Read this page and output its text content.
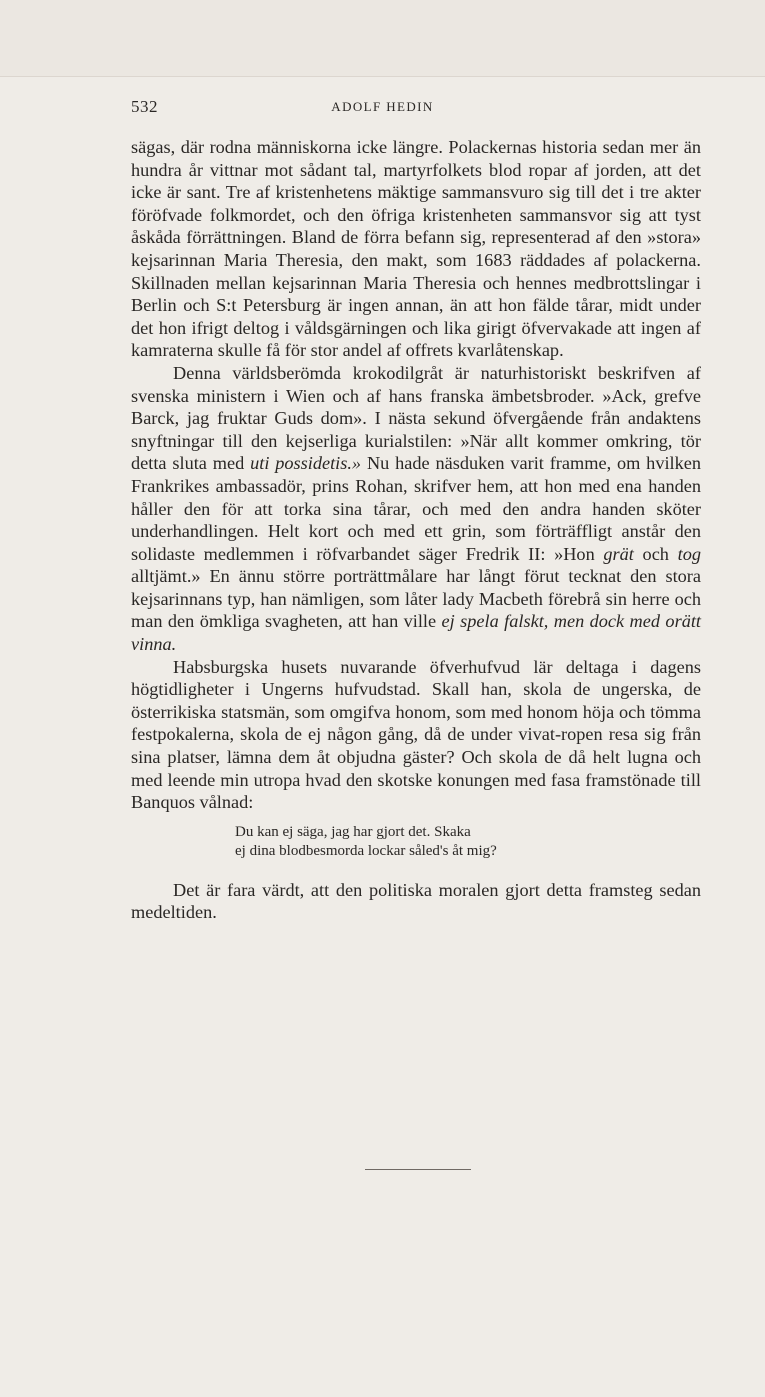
532	ADOLF HEDIN

sägas, där rodna människorna icke längre. Polackernas historia sedan mer än hundra år vittnar mot sådant tal, martyrfolkets blod ropar af jorden, att det icke är sant. Tre af kristenhetens mäktige sammansvuro sig till det i tre akter föröfvade folkmordet, och den öfriga kristenheten sammansvor sig att tyst åskåda förrättningen. Bland de förra befann sig, representerad af den »stora» kejsarinnan Maria Theresia, den makt, som 1683 räddades af polackerna. Skillnaden mellan kejsarinnan Maria Theresia och hennes medbrottslingar i Berlin och S:t Petersburg är ingen annan, än att hon fälde tårar, midt under det hon ifrigt deltog i våldsgärningen och lika girigt öfvervakade att ingen af kamraterna skulle få för stor andel af offrets kvarlåtenskap.

Denna världsberömda krokodilgråt är naturhistoriskt beskrifven af svenska ministern i Wien och af hans franska ämbetsbroder. »Ack, grefve Barck, jag fruktar Guds dom». I nästa sekund öfvergående från andaktens snyftningar till den kejserliga kurialstilen: »När allt kommer omkring, tör detta sluta med uti possidetis.» Nu hade näsduken varit framme, om hvilken Frankrikes ambassadör, prins Rohan, skrifver hem, att hon med ena handen håller den för att torka sina tårar, och med den andra handen sköter underhandlingen. Helt kort och med ett grin, som förträffligt anstår den solidaste medlemmen i röfvarbandet säger Fredrik II: »Hon grät och tog alltjämt.» En ännu större porträttmålare har långt förut tecknat den stora kejsarinnans typ, han nämligen, som låter lady Macbeth förebrå sin herre och man den ömkliga svagheten, att han ville ej spela falskt, men dock med orätt vinna.

Habsburgska husets nuvarande öfverhufvud lär deltaga i dagens högtidligheter i Ungerns hufvudstad. Skall han, skola de ungerska, de österrikiska statsmän, som omgifva honom, som med honom höja och tömma festpokalerna, skola de ej någon gång, då de under vivat-ropen resa sig från sina platser, lämna dem åt objudna gäster? Och skola de då helt lugna och med leende min utropa hvad den skotske konungen med fasa framstönade till Banquos vålnad:

Du kan ej säga, jag har gjort det. Skaka
ej dina blodbesmorda lockar såled's åt mig?

Det är fara värdt, att den politiska moralen gjort detta framsteg sedan medeltiden.
